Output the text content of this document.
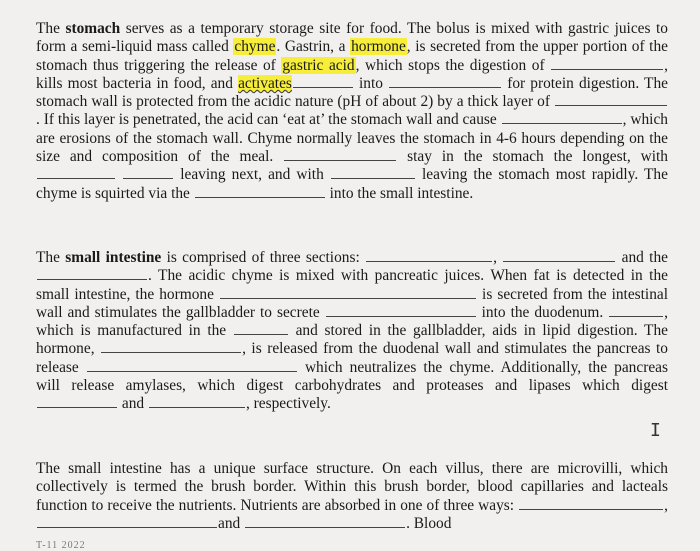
The stomach serves as a temporary storage site for food. The bolus is mixed with gastric juices to form a semi-liquid mass called chyme. Gastrin, a hormone, is secreted from the upper portion of the stomach thus triggering the release of gastric acid, which stops the digestion of	, kills most bacteria in food, and activates	into	for protein digestion. The stomach wall is protected from the acidic nature (pH of about 2) by a thick layer of . If this layer is penetrated, the acid can ‘eat at’ the stomach wall and cause	, which are erosions of the stomach wall. Chyme normally leaves the stomach in 4-6 hours depending on the size and composition of the meal.	stay in the stomach the longest, with   leaving next, and with	leaving the stomach most rapidly. The chyme is squirted via the	into the small intestine.
The small intestine is comprised of three sections:	,	and the . The acidic chyme is mixed with pancreatic juices. When fat is detected in the small intestine, the hormone	is secreted from the intestinal wall and stimulates the gallbladder to secrete	into the duodenum.	, which is manufactured in the	and stored in the gallbladder, aids in lipid digestion. The hormone,	, is released from the duodenal wall and stimulates the pancreas to release	which neutralizes the chyme. Additionally, the pancreas will release amylases, which digest carbohydrates and proteases and lipases which digest  and	, respectively.
I
The small intestine has a unique surface structure. On each villus, there are microvilli, which collectively is termed the brush border. Within this brush border, blood capillaries and lacteals function to receive the nutrients. Nutrients are absorbed in one of three ways:	, and	. Blood
T-11 2022
